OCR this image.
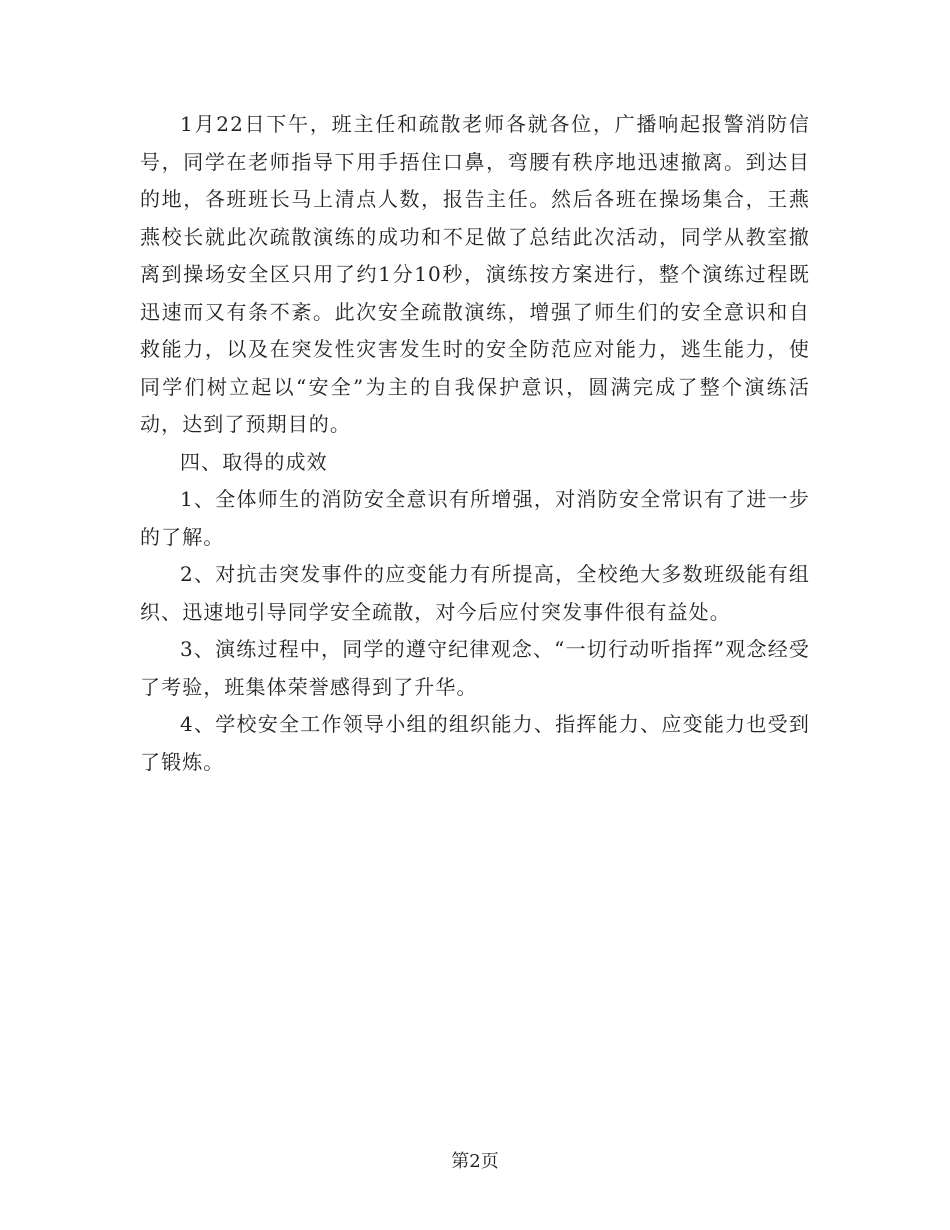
1月22日下午，班主任和疏散老师各就各位，广播响起报警消防信号，同学在老师指导下用手捂住口鼻，弯腰有秩序地迅速撤离。到达目的地，各班班长马上清点人数，报告主任。然后各班在操场集合，王燕燕校长就此次疏散演练的成功和不足做了总结此次活动，同学从教室撤离到操场安全区只用了约1分10秒，演练按方案进行，整个演练过程既迅速而又有条不紊。此次安全疏散演练，增强了师生们的安全意识和自救能力，以及在突发性灾害发生时的安全防范应对能力，逃生能力，使同学们树立起以“安全”为主的自我保护意识，圆满完成了整个演练活动，达到了预期目的。

四、取得的成效

1、全体师生的消防安全意识有所增强，对消防安全常识有了进一步的了解。

2、对抗击突发事件的应变能力有所提高，全校绝大多数班级能有组织、迅速地引导同学安全疏散，对今后应付突发事件很有益处。

3、演练过程中，同学的遵守纪律观念、“一切行动听指挥”观念经受了考验，班集体荣誉感得到了升华。

4、学校安全工作领导小组的组织能力、指挥能力、应变能力也受到了锻炼。

第2页
